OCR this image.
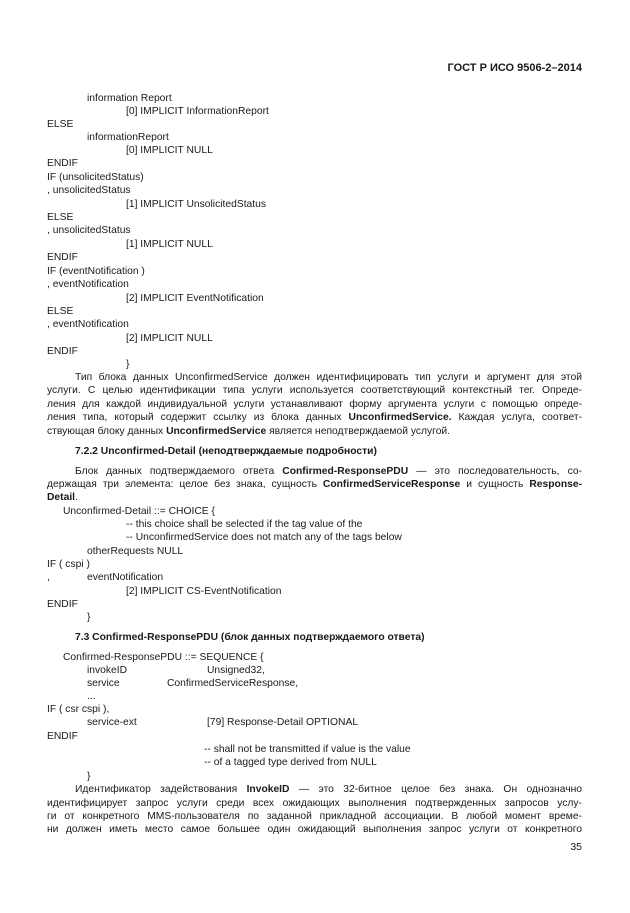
ГОСТ Р ИСО 9506-2–2014
information Report
[0] IMPLICIT InformationReport
ELSE
informationReport
[0] IMPLICIT NULL
ENDIF
IF (unsolicitedStatus)
, unsolicitedStatus
[1] IMPLICIT UnsolicitedStatus
ELSE
, unsolicitedStatus
[1] IMPLICIT NULL
ENDIF
IF (eventNotification )
, eventNotification
[2] IMPLICIT EventNotification
ELSE
, eventNotification
[2] IMPLICIT NULL
ENDIF
}
Тип блока данных UnconfirmedService должен идентифицировать тип услуги и аргумент для этой
услуги. С целью идентификации типа услуги используется соответствующий контекстный тег. Опреде-
ления для каждой индивидуальной услуги устанавливают форму аргумента услуги с помощью опреде-
ления типа, который содержит ссылку из блока данных UnconfirmedService. Каждая услуга, соответ-
ствующая блоку данных UnconfirmedService является неподтверждаемой услугой.
7.2.2 Unconfirmed-Detail (неподтверждаемые подробности)
Блок данных подтверждаемого ответа Confirmed-ResponsePDU — это последовательность, со-
держащая три элемента: целое без знака, сущность ConfirmedServiceResponse и сущность Response-
Detail.
Unconfirmed-Detail ::= CHOICE {
-- this choice shall be selected if the tag value of the
-- UnconfirmedService does not match any of the tags below
otherRequests NULL
IF ( cspi )
,	eventNotification
[2] IMPLICIT CS-EventNotification
ENDIF
}
7.3 Confirmed-ResponsePDU (блок данных подтверждаемого ответа)
Confirmed-ResponsePDU ::= SEQUENCE {
invokeID	Unsigned32,
service	ConfirmedServiceResponse,
...
IF ( csr cspi ),
service-ext	[79] Response-Detail OPTIONAL
ENDIF
-- shall not be transmitted if value is the value
-- of a tagged type derived from NULL
}
Идентификатор задействования InvokeID — это 32-битное целое без знака. Он однозначно
идентифицирует запрос услуги среди всех ожидающих выполнения подтвержденных запросов услу-
ги от конкретного MMS-пользователя по заданной прикладной ассоциации. В любой момент време-
ни должен иметь место самое большее один ожидающий выполнения запрос услуги от конкретного
35
